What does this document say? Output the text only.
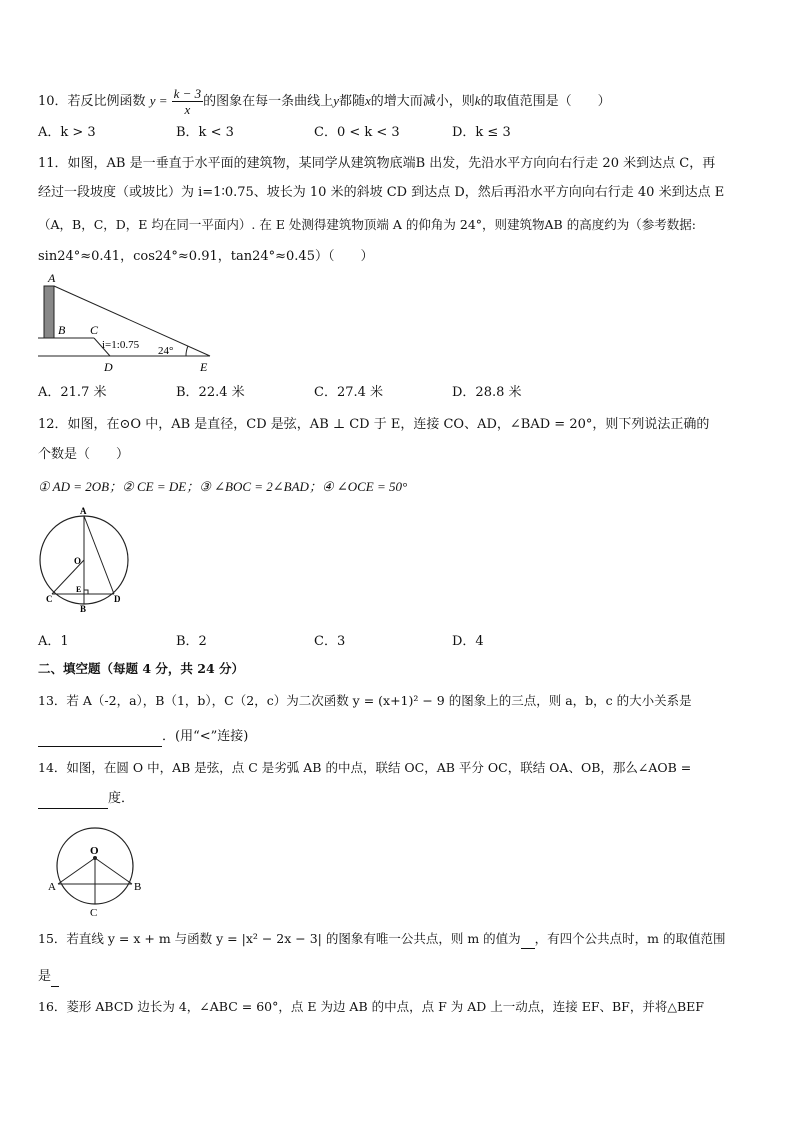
10．若反比例函数 $y = \frac{k - 3}{x}$ 的图象在每一条曲线上y都随x的增大而减小，则k的取值范围是（　　）
A．k > 3	B．k < 3	C．0 < k < 3	D．k ≤ 3
11．如图，AB 是一垂直于水平面的建筑物，某同学从建筑物底端B 出发，先沿水平方向向右行走 20 米到达点 C，再
经过一段坡度（或坡比）为 i=1∶0.75、坡长为 10 米的斜坡 CD 到达点 D，然后再沿水平方向向右行走 40 米到达点 E
（A，B，C，D，E 均在同一平面内）. 在 E 处测得建筑物顶端 A 的仰角为 24°，则建筑物AB 的高度约为（参考数据:
sin24°≈0.41，cos24°≈0.91，tan24°≈0.45）（　　）
A
B C
D	E
i=1:0.75 24°
A．21.7 米	B．22.4 米	C．27.4 米	D．28.8 米
12．如图，在⊙O 中，AB 是直径，CD 是弦，AB ⊥ CD 于 E，连接 CO、AD，∠BAD = 20°，则下列说法正确的
个数是（　　）
① AD = 2OB；② CE = DE；③ ∠BOC = 2∠BAD；④ ∠OCE = 50°
A
O
C
E
B
D
A．1	B．2	C．3	D．4
二、填空题（每题 4 分，共 24 分）
13．若 A（-2，a），B（1，b），C（2，c）为二次函数 y = (x+1)² − 9 的图象上的三点，则 a，b，c 的大小关系是
．(用“<”连接)
14．如图，在圆 O 中，AB 是弦，点 C 是劣弧 AB 的中点，联结 OC，AB 平分 OC，联结 OA、OB，那么∠AOB =
度．
O
A	B
C
15．若直线 y = x + m 与函数 y = |x² − 2x − 3| 的图象有唯一公共点，则 m 的值为 ，有四个公共点时，m 的取值范围
是
16．菱形 ABCD 边长为 4，∠ABC = 60°，点 E 为边 AB 的中点，点 F 为 AD 上一动点，连接 EF、BF，并将△BEF
